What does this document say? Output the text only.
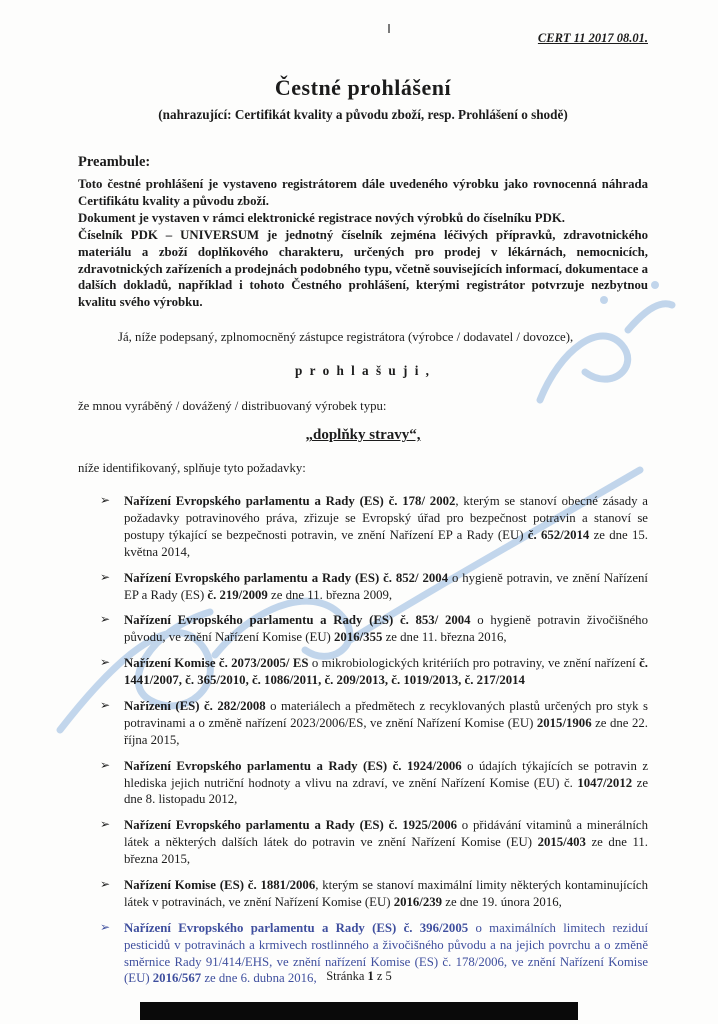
CERT 11 2017 08.01.
Čestné prohlášení
(nahrazující: Certifikát kvality a původu zboží, resp. Prohlášení o shodě)
Preambule:

Toto čestné prohlášení je vystaveno registrátorem dále uvedeného výrobku jako rovnocenná náhrada Certifikátu kvality a původu zboží.

Dokument je vystaven v rámci elektronické registrace nových výrobků do číselníku PDK.

Číselník PDK – UNIVERSUM je jednotný číselník zejména léčivých přípravků, zdravotnického materiálu a zboží doplňkového charakteru, určených pro prodej v lékárnách, nemocnicích, zdravotnických zařízeních a prodejnách podobného typu, včetně souvisejících informací, dokumentace a dalších dokladů, například i tohoto Čestného prohlášení, kterými registrátor potvrzuje nezbytnou kvalitu svého výrobku.

Já, níže podepsaný, zplnomocněný zástupce registrátora (výrobce / dodavatel / dovozce),

p r o h l a š u j i ,

že mnou vyráběný / dovážený / distribuovaný výrobek typu:

„doplňky stravy“,

níže identifikovaný, splňuje tyto požadavky:

➢ Nařízení Evropského parlamentu a Rady (ES) č. 178/ 2002, kterým se stanoví obecné zásady a požadavky potravinového práva, zřizuje se Evropský úřad pro bezpečnost potravin a stanoví se postupy týkající se bezpečnosti potravin, ve znění Nařízení EP a Rady (EU) č. 652/2014 ze dne 15. května 2014,
➢ Nařízení Evropského parlamentu a Rady (ES) č. 852/ 2004 o hygieně potravin, ve znění Nařízení EP a Rady (ES) č. 219/2009 ze dne 11. března 2009,
➢ Nařízení Evropského parlamentu a Rady (ES) č. 853/ 2004 o hygieně potravin živočišného původu, ve znění Nařízení Komise (EU) 2016/355 ze dne 11. března 2016,
➢ Nařízení Komise č. 2073/2005/ ES o mikrobiologických kritériích pro potraviny, ve znění nařízení č. 1441/2007, č. 365/2010, č. 1086/2011, č. 209/2013, č. 1019/2013, č. 217/2014
➢ Nařízení (ES) č. 282/2008 o materiálech a předmětech z recyklovaných plastů určených pro styk s potravinami a o změně nařízení 2023/2006/ES, ve znění Nařízení Komise (EU) 2015/1906 ze dne 22. října 2015,
➢ Nařízení Evropského parlamentu a Rady (ES) č. 1924/2006 o údajích týkajících se potravin z hlediska jejich nutriční hodnoty a vlivu na zdraví, ve znění Nařízení Komise (EU) č. 1047/2012 ze dne 8. listopadu 2012,
➢ Nařízení Evropského parlamentu a Rady (ES) č. 1925/2006 o přidávání vitaminů a minerálních látek a některých dalších látek do potravin ve znění Nařízení Komise (EU) 2015/403 ze dne 11. března 2015,
➢ Nařízení Komise (ES) č. 1881/2006, kterým se stanoví maximální limity některých kontaminujících látek v potravinách, ve znění Nařízení Komise (EU) 2016/239 ze dne 19. února 2016,
➢ Nařízení Evropského parlamentu a Rady (ES) č. 396/2005 o maximálních limitech reziduí pesticidů v potravinách a krmivech rostlinného a živočišného původu a na jejich povrchu a o změně směrnice Rady 91/414/EHS, ve znění nařízení Komise (ES) č. 178/2006, ve znění Nařízení Komise (EU) 2016/567 ze dne 6. dubna 2016, Stránka 1 z 5
